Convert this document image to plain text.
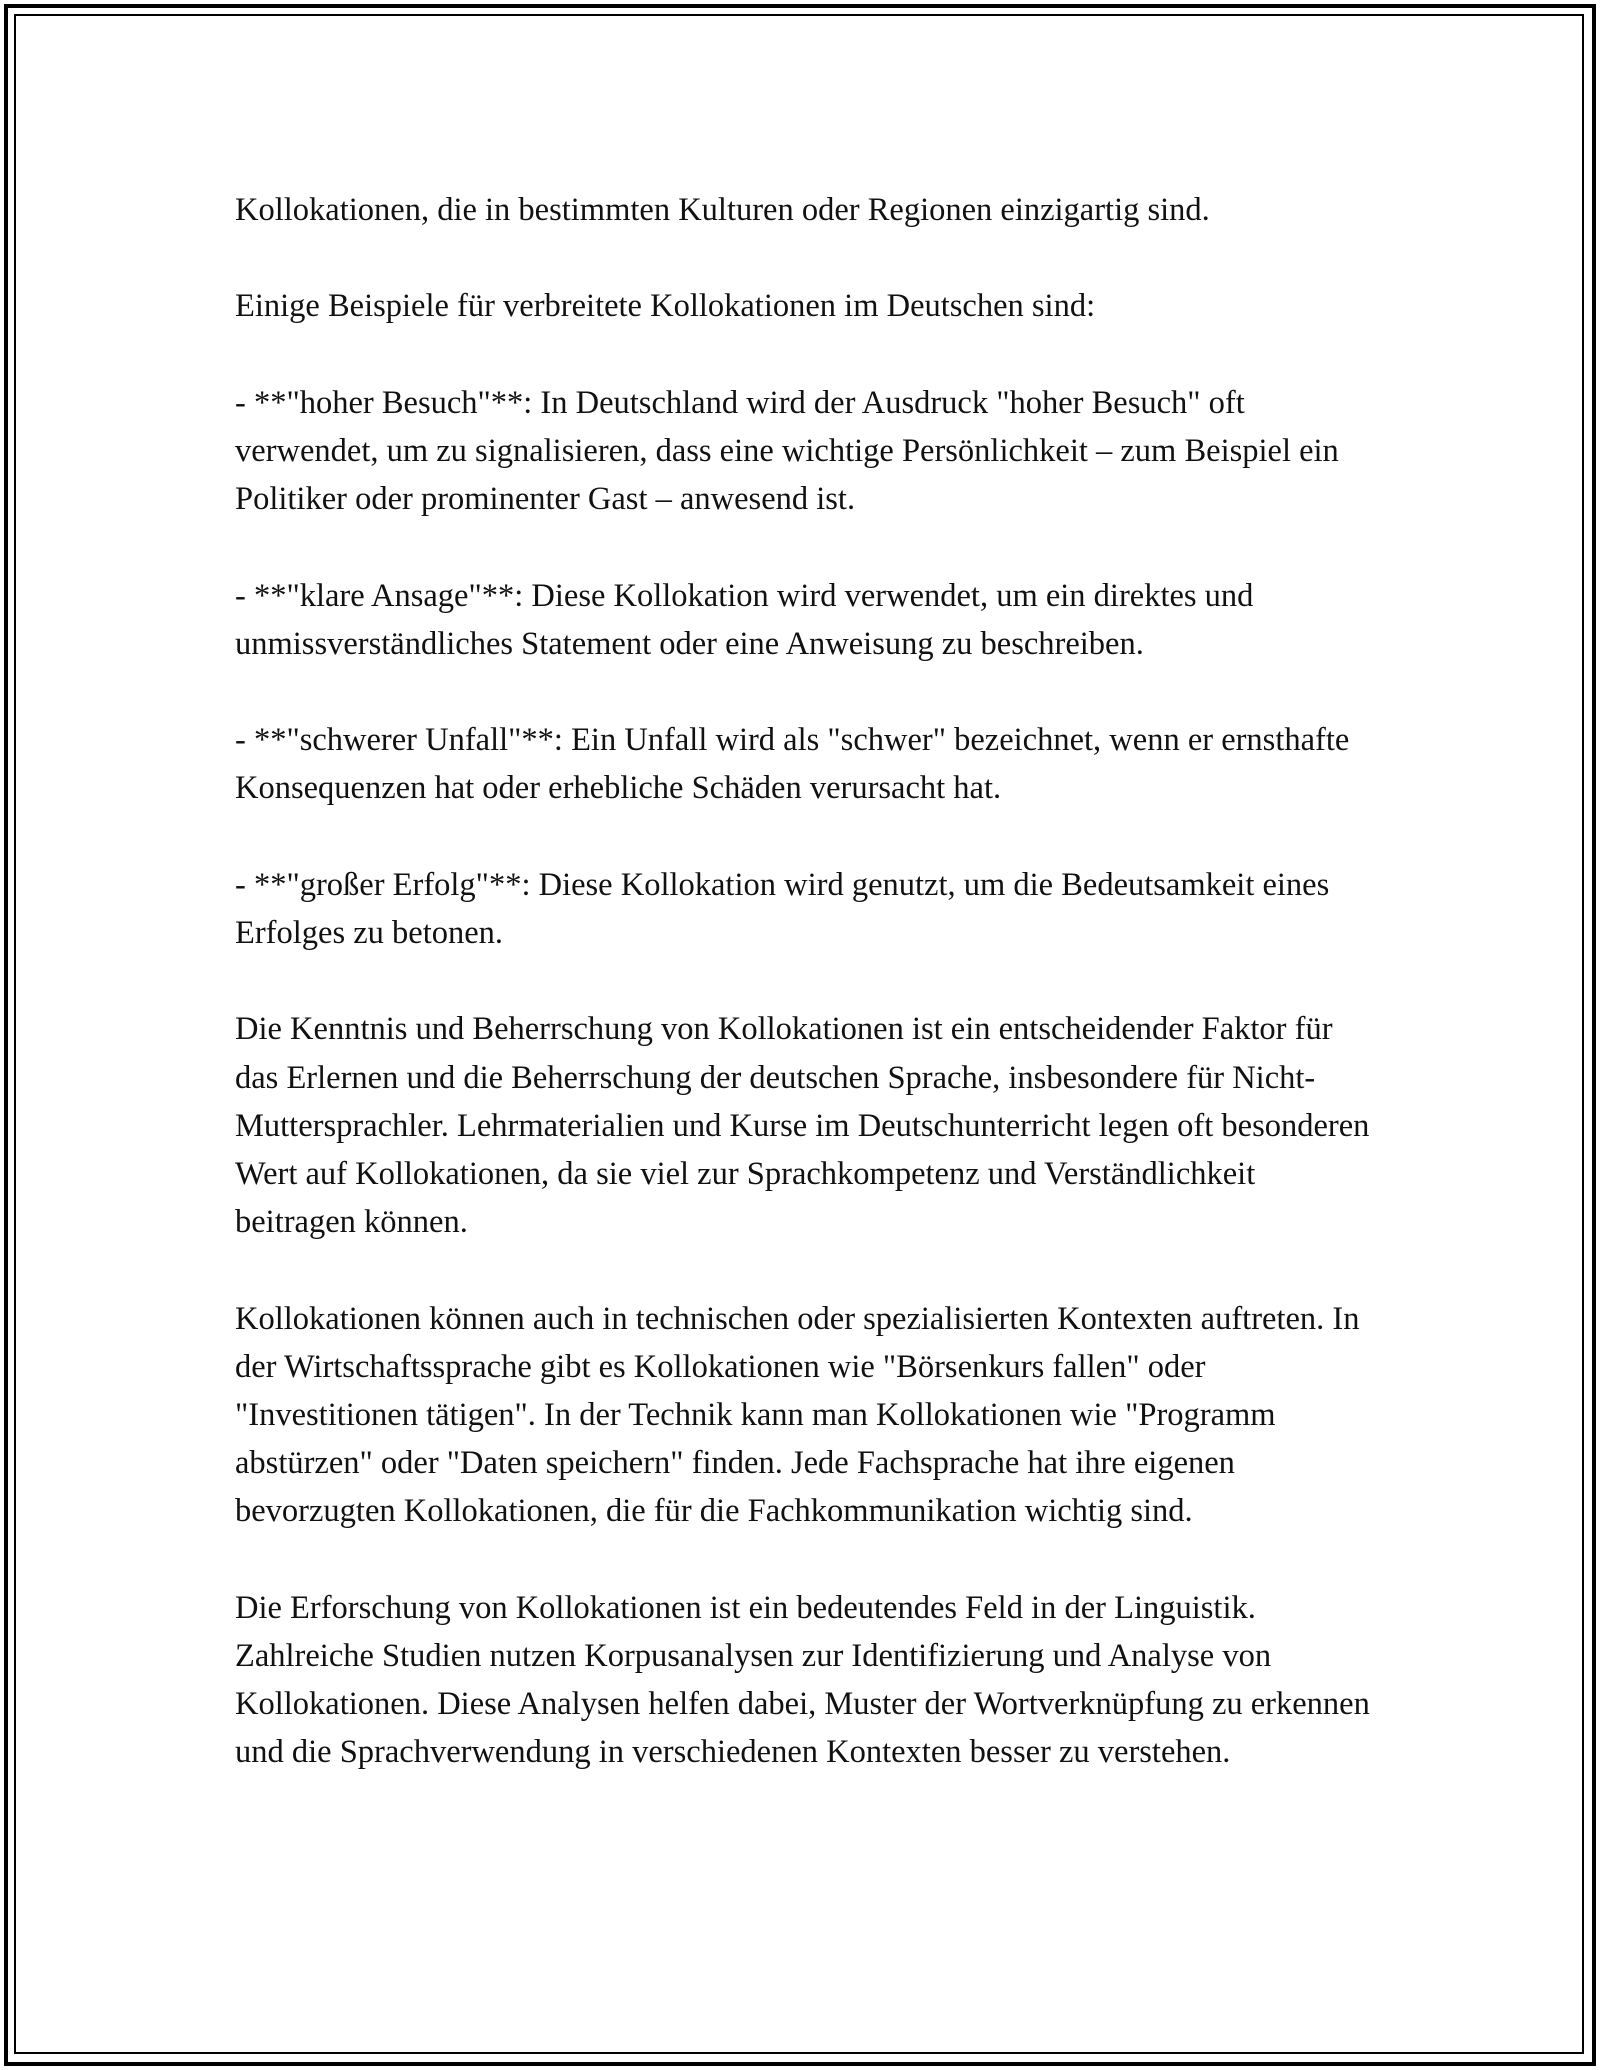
Kollokationen, die in bestimmten Kulturen oder Regionen einzigartig sind.

Einige Beispiele für verbreitete Kollokationen im Deutschen sind:

- **"hoher Besuch"**: In Deutschland wird der Ausdruck "hoher Besuch" oft verwendet, um zu signalisieren, dass eine wichtige Persönlichkeit – zum Beispiel ein Politiker oder prominenter Gast – anwesend ist.

- **"klare Ansage"**: Diese Kollokation wird verwendet, um ein direktes und unmissverständliches Statement oder eine Anweisung zu beschreiben.

- **"schwerer Unfall"**: Ein Unfall wird als "schwer" bezeichnet, wenn er ernsthafte Konsequenzen hat oder erhebliche Schäden verursacht hat.

- **"großer Erfolg"**: Diese Kollokation wird genutzt, um die Bedeutsamkeit eines Erfolges zu betonen.

Die Kenntnis und Beherrschung von Kollokationen ist ein entscheidender Faktor für das Erlernen und die Beherrschung der deutschen Sprache, insbesondere für Nicht-Muttersprachler. Lehrmaterialien und Kurse im Deutschunterricht legen oft besonderen Wert auf Kollokationen, da sie viel zur Sprachkompetenz und Verständlichkeit beitragen können.

Kollokationen können auch in technischen oder spezialisierten Kontexten auftreten. In der Wirtschaftssprache gibt es Kollokationen wie "Börsenkurs fallen" oder "Investitionen tätigen". In der Technik kann man Kollokationen wie "Programm abstürzen" oder "Daten speichern" finden. Jede Fachsprache hat ihre eigenen bevorzugten Kollokationen, die für die Fachkommunikation wichtig sind.

Die Erforschung von Kollokationen ist ein bedeutendes Feld in der Linguistik. Zahlreiche Studien nutzen Korpusanalysen zur Identifizierung und Analyse von Kollokationen. Diese Analysen helfen dabei, Muster der Wortverknüpfung zu erkennen und die Sprachverwendung in verschiedenen Kontexten besser zu verstehen.
